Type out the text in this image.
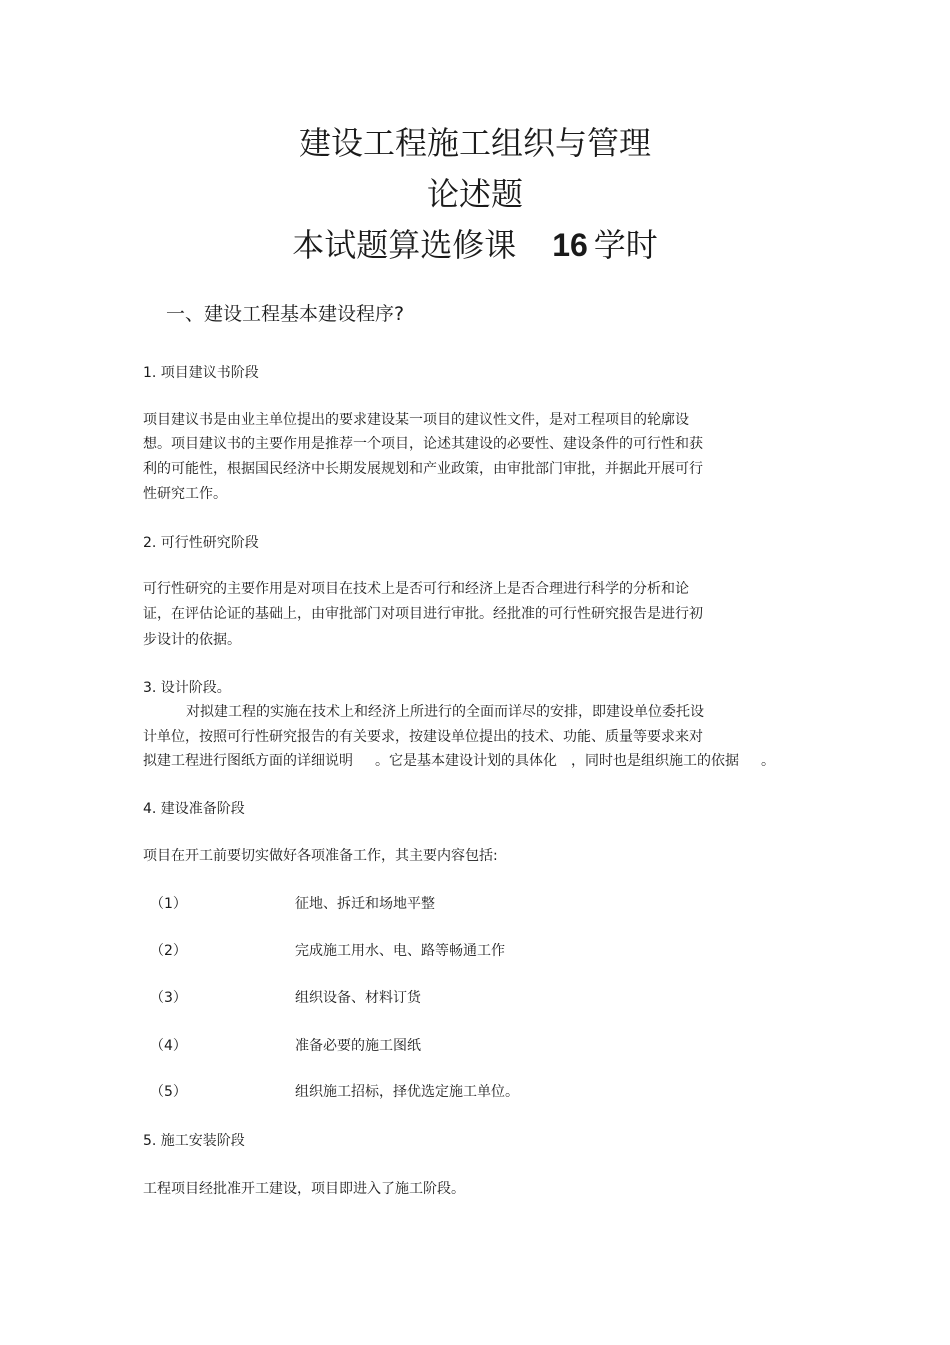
建设工程施工组织与管理
论述题
本试题算选修课 16 学时
一、建设工程基本建设程序?
1. 项目建议书阶段
项目建议书是由业主单位提出的要求建设某一项目的建议性文件，是对工程项目的轮廓设
想。项目建议书的主要作用是推荐一个项目，论述其建设的必要性、建设条件的可行性和获
利的可能性，根据国民经济中长期发展规划和产业政策，由审批部门审批，并据此开展可行
性研究工作。
2. 可行性研究阶段
可行性研究的主要作用是对项目在技术上是否可行和经济上是否合理进行科学的分析和论
证，在评估论证的基础上，由审批部门对项目进行审批。经批准的可行性研究报告是进行初
步设计的依据。
3. 设计阶段。
对拟建工程的实施在技术上和经济上所进行的全面而详尽的安排，即建设单位委托设
计单位，按照可行性研究报告的有关要求，按建设单位提出的技术、功能、质量等要求来对
拟建工程进行图纸方面的详细说明 。它是基本建设计划的具体化 ，同时也是组织施工的依据 。
4. 建设准备阶段
项目在开工前要切实做好各项准备工作，其主要内容包括:
（1）	征地、拆迁和场地平整
（2）	完成施工用水、电、路等畅通工作
（3）	组织设备、材料订货
（4）	准备必要的施工图纸
（5）	组织施工招标，择优选定施工单位。
5. 施工安装阶段
工程项目经批准开工建设，项目即进入了施工阶段。
